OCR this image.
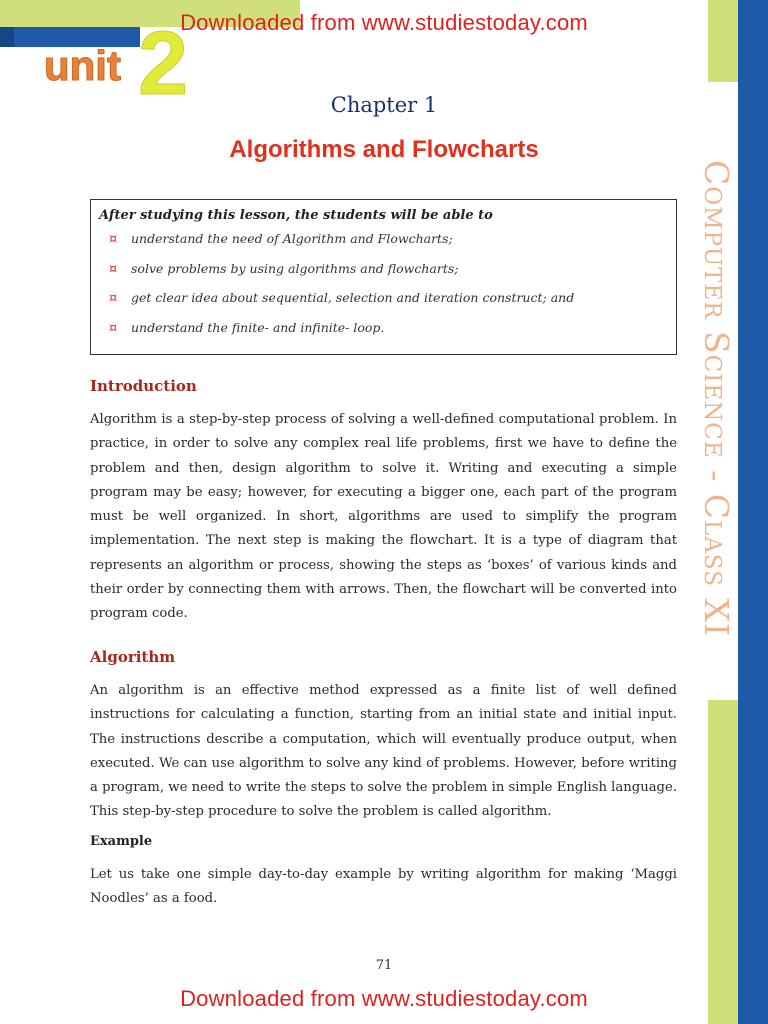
Downloaded from www.studiestoday.com
unit 2
Computer Science - Class XI
Chapter 1
Algorithms and Flowcharts
After studying this lesson, the students will be able to
¤ understand the need of Algorithm and Flowcharts;
¤ solve problems by using algorithms and flowcharts;
¤ get clear idea about sequential, selection and iteration construct; and
¤ understand the finite- and infinite- loop.
Introduction
Algorithm is a step-by-step process of solving a well-defined computational problem. In practice, in order to solve any complex real life problems, first we have to define the problem and then, design algorithm to solve it. Writing and executing a simple program may be easy; however, for executing a bigger one, each part of the program must be well organized. In short, algorithms are used to simplify the program implementation. The next step is making the flowchart. It is a type of diagram that represents an algorithm or process, showing the steps as ‘boxes’ of various kinds and their order by connecting them with arrows. Then, the flowchart will be converted into program code.
Algorithm
An algorithm is an effective method expressed as a finite list of well defined instructions for calculating a function, starting from an initial state and initial input. The instructions describe a computation, which will eventually produce output, when executed. We can use algorithm to solve any kind of problems. However, before writing a program, we need to write the steps to solve the problem in simple English language. This step-by-step procedure to solve the problem is called algorithm.
Example
Let us take one simple day-to-day example by writing algorithm for making ‘Maggi Noodles’ as a food.
71
Downloaded from www.studiestoday.com
